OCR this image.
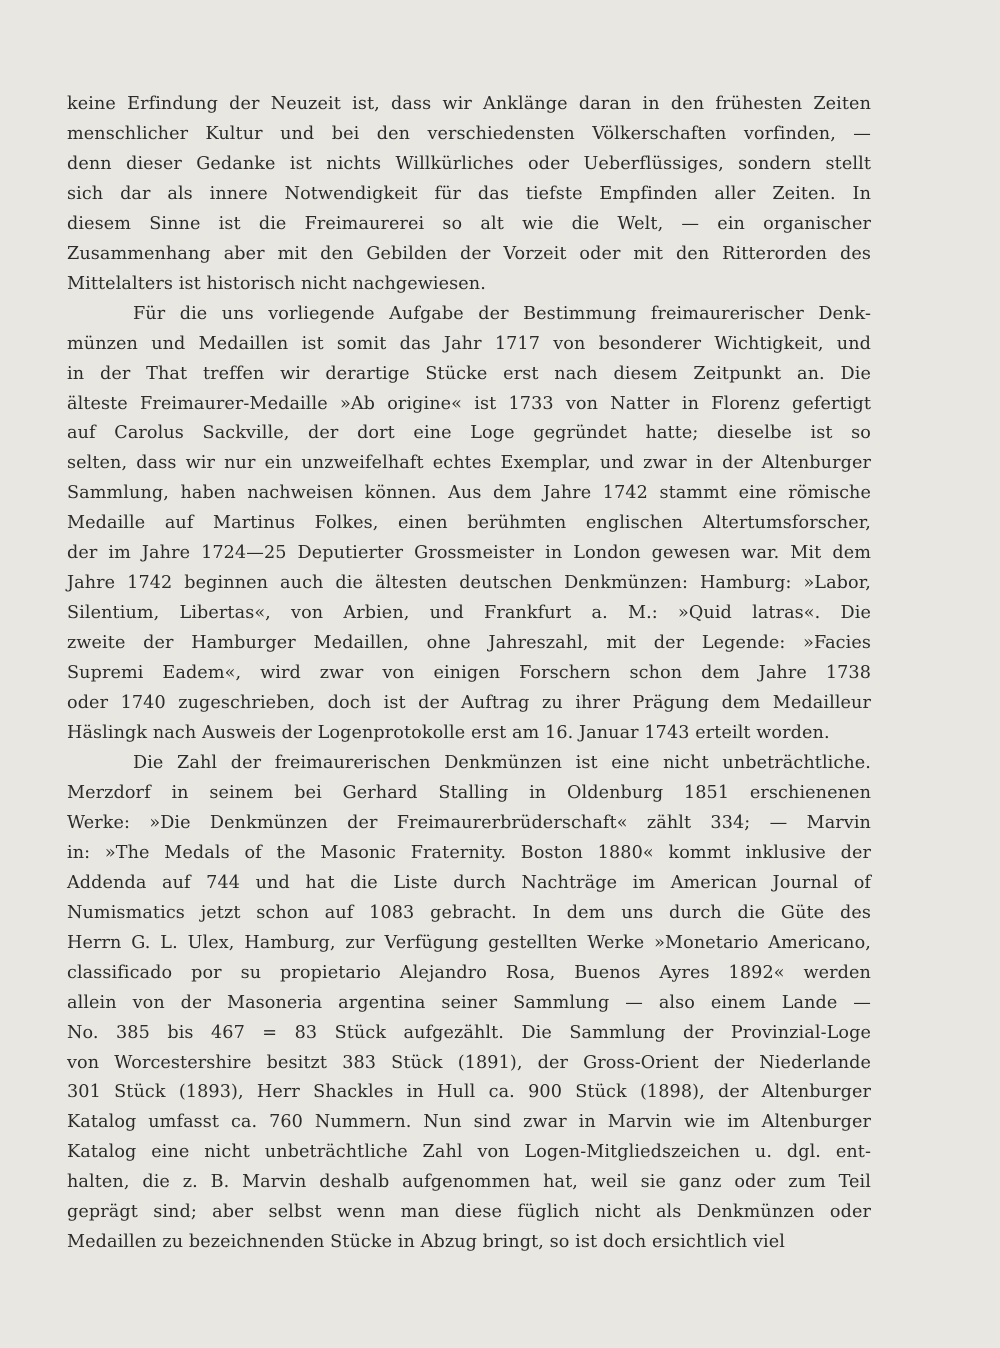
keine Erfindung der Neuzeit ist, dass wir Anklänge daran in den frühesten Zeiten
menschlicher Kultur und bei den verschiedensten Völkerschaften vorfinden, —
denn dieser Gedanke ist nichts Willkürliches oder Ueberflüssiges, sondern stellt
sich dar als innere Notwendigkeit für das tiefste Empfinden aller Zeiten. In
diesem Sinne ist die Freimaurerei so alt wie die Welt, — ein organischer
Zusammenhang aber mit den Gebilden der Vorzeit oder mit den Ritterorden des
Mittelalters ist historisch nicht nachgewiesen.
Für die uns vorliegende Aufgabe der Bestimmung freimaurerischer Denk-
münzen und Medaillen ist somit das Jahr 1717 von besonderer Wichtigkeit, und
in der That treffen wir derartige Stücke erst nach diesem Zeitpunkt an. Die
älteste Freimaurer-Medaille »Ab origine« ist 1733 von Natter in Florenz gefertigt
auf Carolus Sackville, der dort eine Loge gegründet hatte; dieselbe ist so
selten, dass wir nur ein unzweifelhaft echtes Exemplar, und zwar in der Altenburger
Sammlung, haben nachweisen können. Aus dem Jahre 1742 stammt eine römische
Medaille auf Martinus Folkes, einen berühmten englischen Altertumsforscher,
der im Jahre 1724—25 Deputierter Grossmeister in London gewesen war. Mit dem
Jahre 1742 beginnen auch die ältesten deutschen Denkmünzen: Hamburg: »Labor,
Silentium, Libertas«, von Arbien, und Frankfurt a. M.: »Quid latras«. Die
zweite der Hamburger Medaillen, ohne Jahreszahl, mit der Legende: »Facies
Supremi Eadem«, wird zwar von einigen Forschern schon dem Jahre 1738
oder 1740 zugeschrieben, doch ist der Auftrag zu ihrer Prägung dem Medailleur
Häslingk nach Ausweis der Logenprotokolle erst am 16. Januar 1743 erteilt worden.
Die Zahl der freimaurerischen Denkmünzen ist eine nicht unbeträchtliche.
Merzdorf in seinem bei Gerhard Stalling in Oldenburg 1851 erschienenen
Werke: »Die Denkmünzen der Freimaurerbrüderschaft« zählt 334; — Marvin
in: »The Medals of the Masonic Fraternity. Boston 1880« kommt inklusive der
Addenda auf 744 und hat die Liste durch Nachträge im American Journal of
Numismatics jetzt schon auf 1083 gebracht. In dem uns durch die Güte des
Herrn G. L. Ulex, Hamburg, zur Verfügung gestellten Werke »Monetario Americano,
classificado por su propietario Alejandro Rosa, Buenos Ayres 1892« werden
allein von der Masoneria argentina seiner Sammlung — also einem Lande —
No. 385 bis 467 = 83 Stück aufgezählt. Die Sammlung der Provinzial-Loge
von Worcestershire besitzt 383 Stück (1891), der Gross-Orient der Niederlande
301 Stück (1893), Herr Shackles in Hull ca. 900 Stück (1898), der Altenburger
Katalog umfasst ca. 760 Nummern. Nun sind zwar in Marvin wie im Altenburger
Katalog eine nicht unbeträchtliche Zahl von Logen-Mitgliedszeichen u. dgl. ent-
halten, die z. B. Marvin deshalb aufgenommen hat, weil sie ganz oder zum Teil
geprägt sind; aber selbst wenn man diese füglich nicht als Denkmünzen oder
Medaillen zu bezeichnenden Stücke in Abzug bringt, so ist doch ersichtlich viel
